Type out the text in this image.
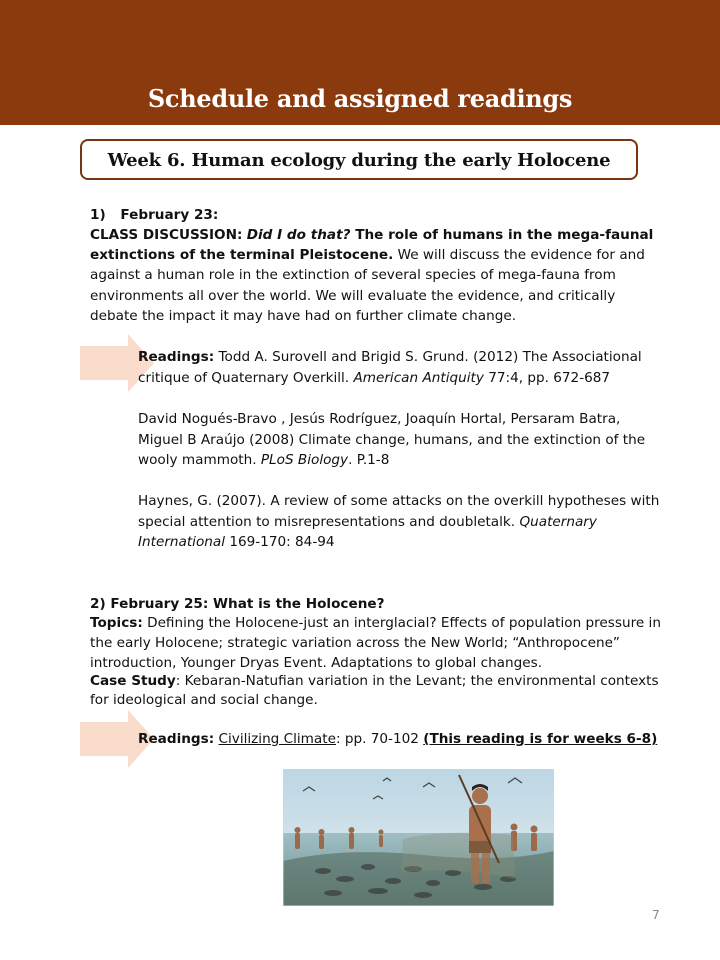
Schedule and assigned readings
Week 6. Human ecology during the early Holocene
1) February 23:
CLASS DISCUSSION: Did I do that? The role of humans in the mega-faunal
extinctions of the terminal Pleistocene. We will discuss the evidence for and
against a human role in the extinction of several species of mega-fauna from
environments all over the world. We will evaluate the evidence, and critically
debate the impact it may have had on further climate change.
Readings: Todd A. Surovell and Brigid S. Grund. (2012) The Associational
critique of Quaternary Overkill. American Antiquity 77:4, pp. 672-687
David Nogués-Bravo , Jesús Rodríguez, Joaquín Hortal, Persaram Batra,
Miguel B Araújo (2008) Climate change, humans, and the extinction of the
wooly mammoth. PLoS Biology. P.1-8
Haynes, G. (2007). A review of some attacks on the overkill hypotheses with
special attention to misrepresentations and doubletalk. Quaternary
International 169-170: 84-94
2) February 25: What is the Holocene?
Topics: Defining the Holocene-just an interglacial? Effects of population pressure in
the early Holocene; strategic variation across the New World; “Anthropocene”
introduction, Younger Dryas Event. Adaptations to global changes.
Case Study: Kebaran-Natufian variation in the Levant; the environmental contexts
for ideological and social change.
Readings: Civilizing Climate: pp. 70-102 (This reading is for weeks 6-8)
7
